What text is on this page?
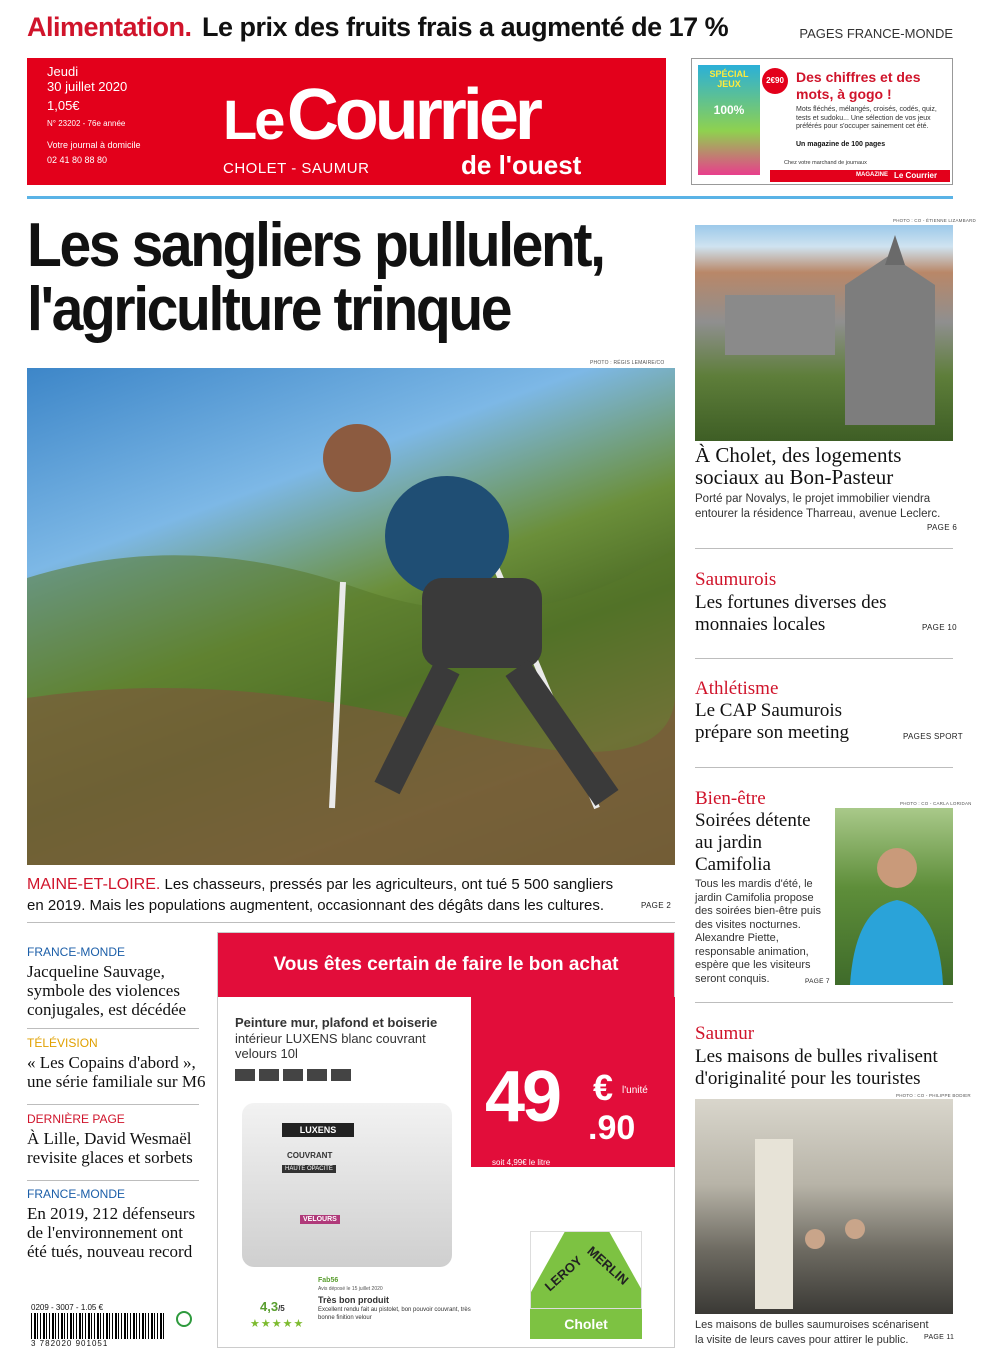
Alimentation. Le prix des fruits frais a augmenté de 17 %	PAGES FRANCE-MONDE
Jeudi
30 juillet 2020
1,05€
N° 23202 - 76e année
Votre journal à domicile
02 41 80 88 80
Le Courrier
CHOLET - SAUMUR	de l'ouest
SPÉCIAL JEUX
100%
2€90 Des chiffres et des mots, à gogo !
Mots fléchés, mélangés, croisés, codés, quiz, tests et sudoku... Une sélection de vos jeux préférés pour s'occuper sainement cet été.
Un magazine de 100 pages
Chez votre marchand de journaux
MAGAZINE Le Courrier
Les sangliers pullulent,
l'agriculture trinque
PHOTO : RÉGIS LEMAIRE/CO
MAINE-ET-LOIRE. Les chasseurs, pressés par les agriculteurs, ont tué 5 500 sangliers en 2019. Mais les populations augmentent, occasionnant des dégâts dans les cultures.	PAGE 2
PHOTO : CO - ÉTIENNE LIZAMBARD
À Cholet, des logements sociaux au Bon-Pasteur
Porté par Novalys, le projet immobilier viendra entourer la résidence Tharreau, avenue Leclerc.
PAGE 6
Saumurois
Les fortunes diverses des monnaies locales	PAGE 10
Athlétisme
Le CAP Saumurois prépare son meeting	PAGES SPORT
Bien-être
Soirées détente au jardin Camifolia
Tous les mardis d'été, le jardin Camifolia propose des soirées bien-être puis des visites nocturnes. Alexandre Piette, responsable animation, espère que les visiteurs seront conquis.	PAGE 7
PHOTO : CO - CARLA LORIDAN
Saumur
Les maisons de bulles rivalisent d'originalité pour les touristes
PHOTO : CO - PHILIPPE BODIER
Les maisons de bulles saumuroises scénarisent la visite de leurs caves pour attirer le public.	PAGE 11
FRANCE-MONDE
Jacqueline Sauvage, symbole des violences conjugales, est décédée
TÉLÉVISION
« Les Copains d'abord », une série familiale sur M6
DERNIÈRE PAGE
À Lille, David Wesmaël revisite glaces et sorbets
FRANCE-MONDE
En 2019, 212 défenseurs de l'environnement ont été tués, nouveau record
0209 - 3007 - 1.05 €
3 782020 901051
Vous êtes certain de faire le bon achat
49 €
.90
l'unité
soit 4,99€ le litre
Peinture mur, plafond et boiserie
intérieur LUXENS blanc couvrant velours 10l
LUXENS
COUVRANT
HAUTE OPACITÉ
VELOURS
4,3/5
★★★★★
Fab56
Avis déposé le 15 juillet 2020
Très bon produit
Excellent rendu fait au pistolet, bon pouvoir couvrant, très bonne finition velour
LEROY MERLIN
Cholet
